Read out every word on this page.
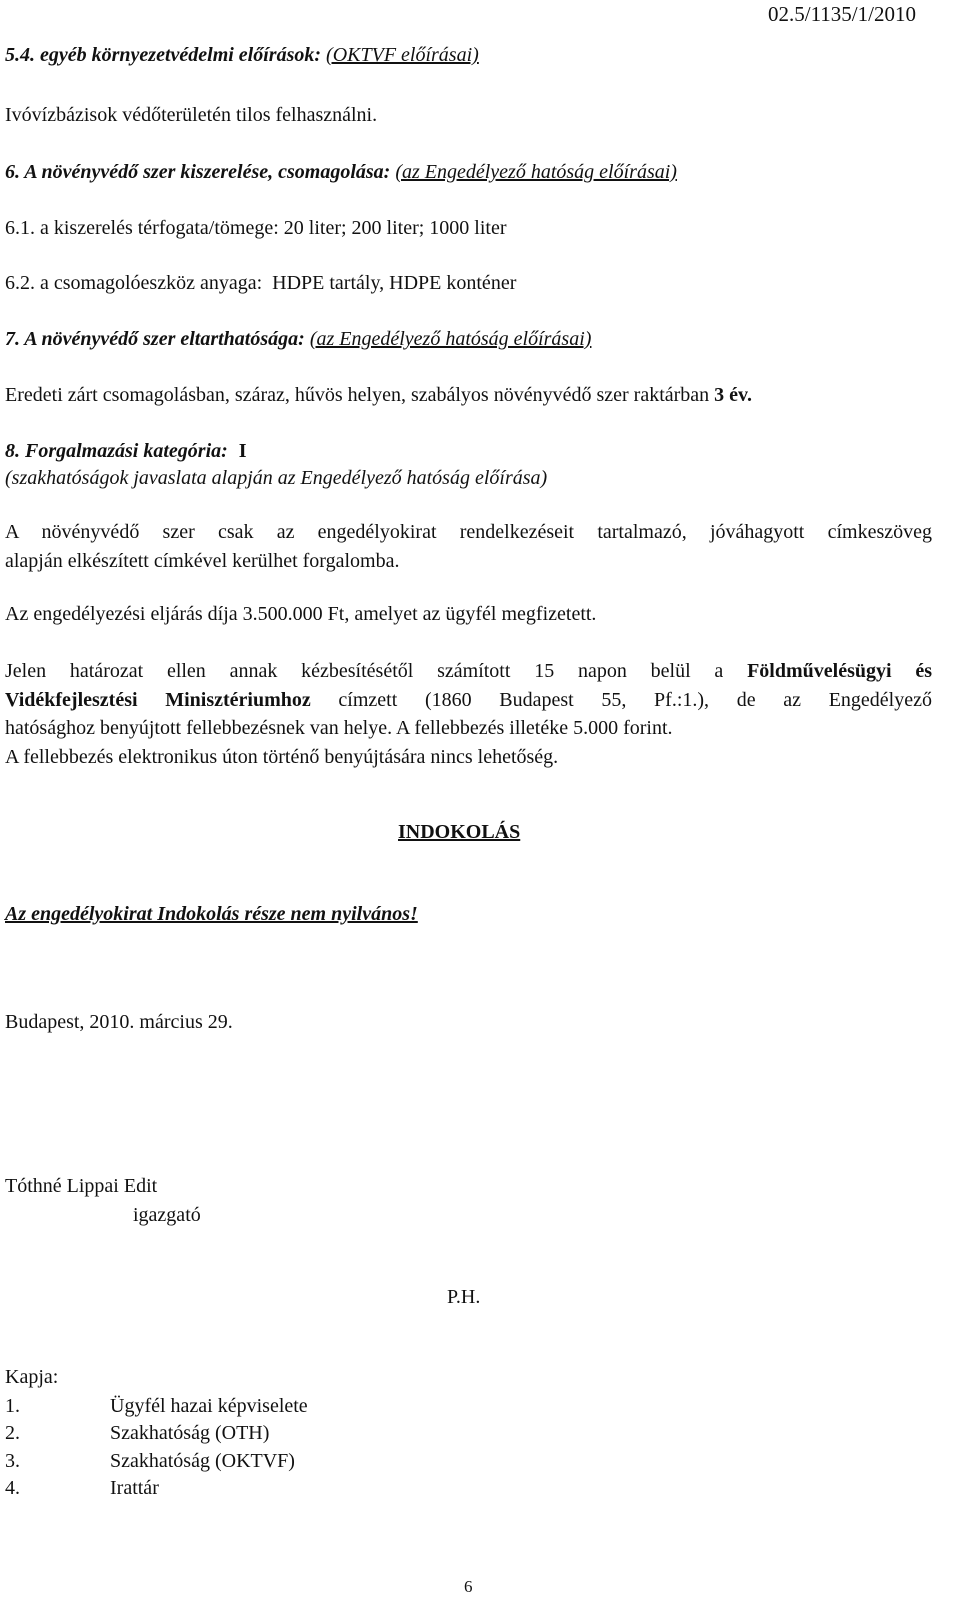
02.5/1135/1/2010
5.4. egyéb környezetvédelmi előírások: (OKTVF előírásai)
Ivóvízbázisok védőterületén tilos felhasználni.
6. A növényvédő szer kiszerelése, csomagolása: (az Engedélyező hatóság előírásai)
6.1. a kiszerelés térfogata/tömege: 20 liter; 200 liter; 1000 liter
6.2. a csomagolóeszköz anyaga: HDPE tartály, HDPE konténer
7. A növényvédő szer eltarthatósága: (az Engedélyező hatóság előírásai)
Eredeti zárt csomagolásban, száraz, hűvös helyen, szabályos növényvédő szer raktárban 3 év.
8. Forgalmazási kategória: I
(szakhatóságok javaslata alapján az Engedélyező hatóság előírása)
A növényvédő szer csak az engedélyokirat rendelkezéseit tartalmazó, jóváhagyott címkeszöveg
alapján elkészített címkével kerülhet forgalomba.
Az engedélyezési eljárás díja 3.500.000 Ft, amelyet az ügyfél megfizetett.
Jelen határozat ellen annak kézbesítésétől számított 15 napon belül a Földművelésügyi és
Vidékfejlesztési Minisztériumhoz címzett (1860 Budapest 55, Pf.:1.), de az Engedélyező
hatósághoz benyújtott fellebbezésnek van helye. A fellebbezés illetéke 5.000 forint.
A fellebbezés elektronikus úton történő benyújtására nincs lehetőség.
INDOKOLÁS
Az engedélyokirat Indokolás része nem nyilvános!
Budapest, 2010. március 29.
Tóthné Lippai Edit
igazgató
P.H.
Kapja:
1.	Ügyfél hazai képviselete
2.	Szakhatóság (OTH)
3.	Szakhatóság (OKTVF)
4.	Irattár
6
